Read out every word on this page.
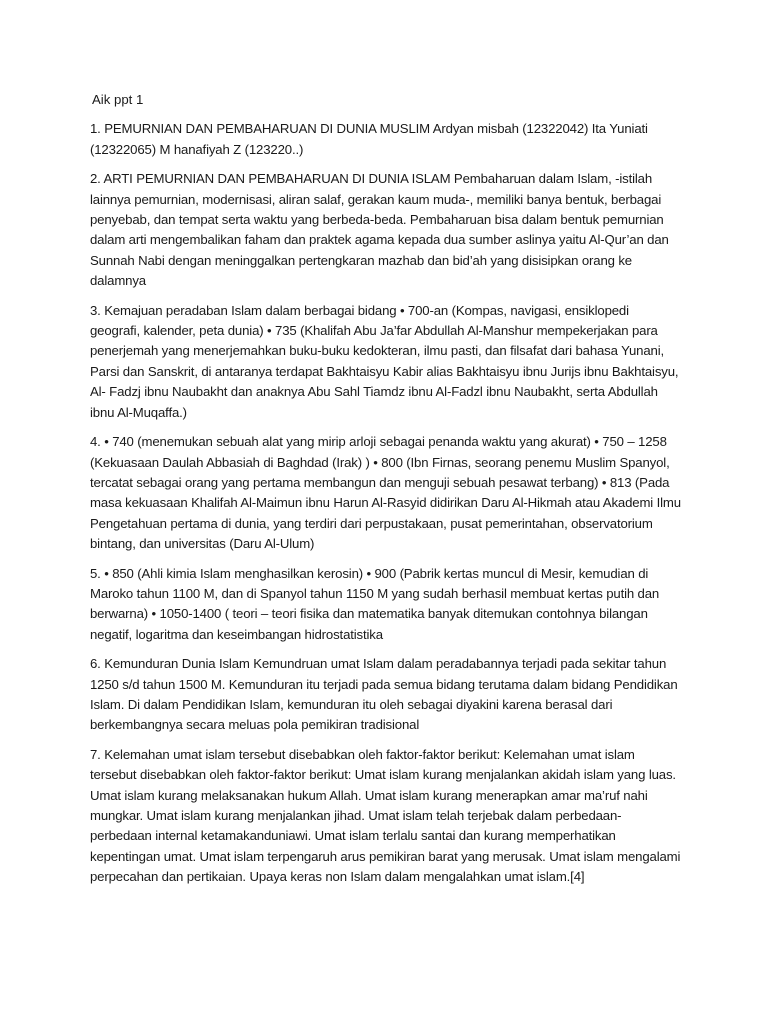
Aik ppt 1

1. PEMURNIAN DAN PEMBAHARUAN DI DUNIA MUSLIM Ardyan misbah (12322042) Ita Yuniati (12322065) M hanafiyah Z (123220..)

2. ARTI PEMURNIAN DAN PEMBAHARUAN DI DUNIA ISLAM Pembaharuan dalam Islam, -istilah lainnya pemurnian, modernisasi, aliran salaf, gerakan kaum muda-, memiliki banya bentuk, berbagai penyebab, dan tempat serta waktu yang berbeda-beda. Pembaharuan bisa dalam bentuk pemurnian dalam arti mengembalikan faham dan praktek agama kepada dua sumber aslinya yaitu Al-Qur’an dan Sunnah Nabi dengan meninggalkan pertengkaran mazhab dan bid’ah yang disisipkan orang ke dalamnya

3. Kemajuan peradaban Islam dalam berbagai bidang • 700-an (Kompas, navigasi, ensiklopedi geografi, kalender, peta dunia) • 735 (Khalifah Abu Ja’far Abdullah Al-Manshur mempekerjakan para penerjemah yang menerjemahkan buku-buku kedokteran, ilmu pasti, dan filsafat dari bahasa Yunani, Parsi dan Sanskrit, di antaranya terdapat Bakhtaisyu Kabir alias Bakhtaisyu ibnu Jurijs ibnu Bakhtaisyu, Al- Fadzj ibnu Naubakht dan anaknya Abu Sahl Tiamdz ibnu Al-Fadzl ibnu Naubakht, serta Abdullah ibnu Al-Muqaffa.)

4. • 740 (menemukan sebuah alat yang mirip arloji sebagai penanda waktu yang akurat) • 750 – 1258 (Kekuasaan Daulah Abbasiah di Baghdad (Irak) ) • 800 (Ibn Firnas, seorang penemu Muslim Spanyol, tercatat sebagai orang yang pertama membangun dan menguji sebuah pesawat terbang) • 813 (Pada masa kekuasaan Khalifah Al-Maimun ibnu Harun Al-Rasyid didirikan Daru Al-Hikmah atau Akademi Ilmu Pengetahuan pertama di dunia, yang terdiri dari perpustakaan, pusat pemerintahan, observatorium bintang, dan universitas (Daru Al-Ulum)

5. • 850 (Ahli kimia Islam menghasilkan kerosin) • 900 (Pabrik kertas muncul di Mesir, kemudian di Maroko tahun 1100 M, dan di Spanyol tahun 1150 M yang sudah berhasil membuat kertas putih dan berwarna) • 1050-1400 ( teori – teori fisika dan matematika banyak ditemukan contohnya bilangan negatif, logaritma dan keseimbangan hidrostatistika

6. Kemunduran Dunia Islam Kemundruan umat Islam dalam peradabannya terjadi pada sekitar tahun 1250 s/d tahun 1500 M. Kemunduran itu terjadi pada semua bidang terutama dalam bidang Pendidikan Islam. Di dalam Pendidikan Islam, kemunduran itu oleh sebagai diyakini karena berasal dari berkembangnya secara meluas pola pemikiran tradisional

7. Kelemahan umat islam tersebut disebabkan oleh faktor-faktor berikut: Kelemahan umat islam tersebut disebabkan oleh faktor-faktor berikut: Umat islam kurang menjalankan akidah islam yang luas. Umat islam kurang melaksanakan hukum Allah. Umat islam kurang menerapkan amar ma’ruf nahi mungkar. Umat islam kurang menjalankan jihad. Umat islam telah terjebak dalam perbedaan-perbedaan internal ketamakanduniawi. Umat islam terlalu santai dan kurang memperhatikan kepentingan umat. Umat islam terpengaruh arus pemikiran barat yang merusak. Umat islam mengalami perpecahan dan pertikaian. Upaya keras non Islam dalam mengalahkan umat islam.[4]
